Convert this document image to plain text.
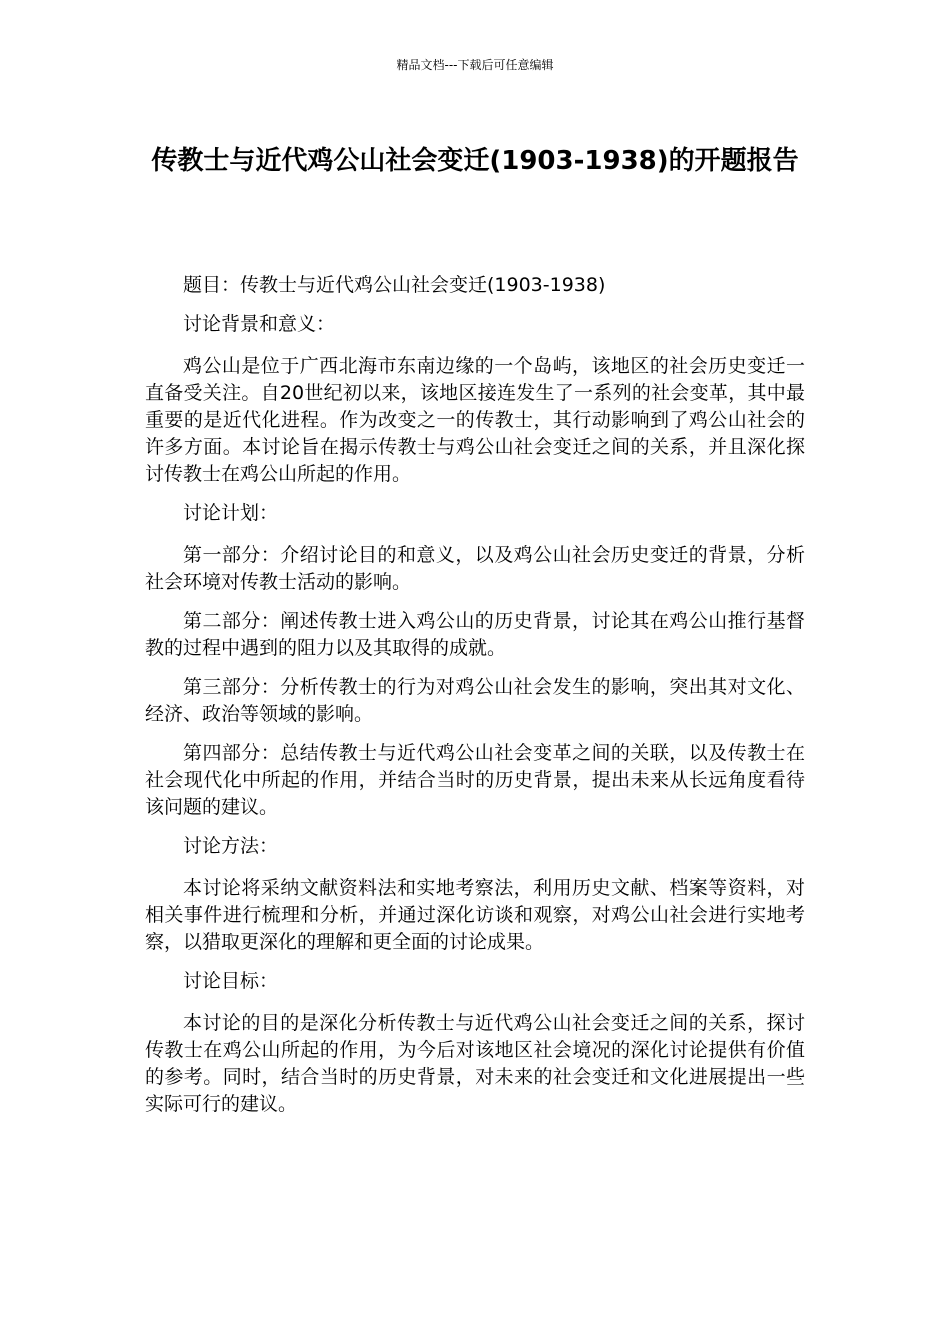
精品文档---下载后可任意编辑
传教士与近代鸡公山社会变迁(1903-1938)的开题报告

题目：传教士与近代鸡公山社会变迁(1903-1938)

讨论背景和意义：

鸡公山是位于广西北海市东南边缘的一个岛屿，该地区的社会历史变迁一直备受关注。自20世纪初以来，该地区接连发生了一系列的社会变革，其中最重要的是近代化进程。作为改变之一的传教士，其行动影响到了鸡公山社会的许多方面。本讨论旨在揭示传教士与鸡公山社会变迁之间的关系，并且深化探讨传教士在鸡公山所起的作用。

讨论计划：

第一部分：介绍讨论目的和意义，以及鸡公山社会历史变迁的背景，分析社会环境对传教士活动的影响。

第二部分：阐述传教士进入鸡公山的历史背景，讨论其在鸡公山推行基督教的过程中遇到的阻力以及其取得的成就。

第三部分：分析传教士的行为对鸡公山社会发生的影响，突出其对文化、经济、政治等领域的影响。

第四部分：总结传教士与近代鸡公山社会变革之间的关联，以及传教士在社会现代化中所起的作用，并结合当时的历史背景，提出未来从长远角度看待该问题的建议。

讨论方法：

本讨论将采纳文献资料法和实地考察法，利用历史文献、档案等资料，对相关事件进行梳理和分析，并通过深化访谈和观察，对鸡公山社会进行实地考察，以猎取更深化的理解和更全面的讨论成果。

讨论目标：

本讨论的目的是深化分析传教士与近代鸡公山社会变迁之间的关系，探讨传教士在鸡公山所起的作用，为今后对该地区社会境况的深化讨论提供有价值的参考。同时，结合当时的历史背景，对未来的社会变迁和文化进展提出一些实际可行的建议。
